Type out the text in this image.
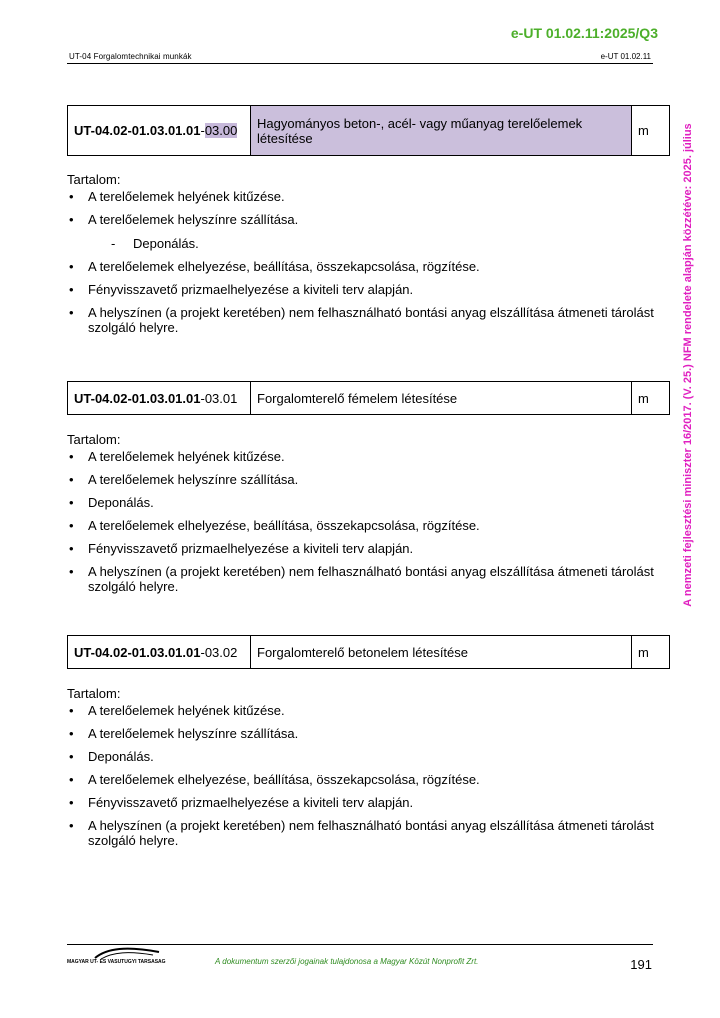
e-UT 01.02.11:2025/Q3
UT-04 Forgalomtechnikai munkák	e-UT 01.02.11
A nemzeti fejlesztési miniszter 16/2017. (V. 25.) NFM rendelete alapján közzétéve: 2025. július
UT-04.02-01.03.01.01 - 03.00	Hagyományos beton-, acél- vagy műanyag terelőelemek létesítése	m
Tartalom:
• A terelőelemek helyének kitűzése.
• A terelőelemek helyszínre szállítása.
- Deponálás.
• A terelőelemek elhelyezése, beállítása, összekapcsolása, rögzítése.
• Fényvisszavető prizmaelhelyezése a kiviteli terv alapján.
• A helyszínen (a projekt keretében) nem felhasználható bontási anyag elszállítása átmeneti tárolást szolgáló helyre.
UT-04.02-01.03.01.01 -03.01	Forgalomterelő fémelem létesítése	m
Tartalom:
• A terelőelemek helyének kitűzése.
• A terelőelemek helyszínre szállítása.
• Deponálás.
• A terelőelemek elhelyezése, beállítása, összekapcsolása, rögzítése.
• Fényvisszavető prizmaelhelyezése a kiviteli terv alapján.
• A helyszínen (a projekt keretében) nem felhasználható bontási anyag elszállítása átmeneti tárolást szolgáló helyre.
UT-04.02-01.03.01.01 -03.02	Forgalomterelő betonelem létesítése	m
Tartalom:
• A terelőelemek helyének kitűzése.
• A terelőelemek helyszínre szállítása.
• Deponálás.
• A terelőelemek elhelyezése, beállítása, összekapcsolása, rögzítése.
• Fényvisszavető prizmaelhelyezése a kiviteli terv alapján.
• A helyszínen (a projekt keretében) nem felhasználható bontási anyag elszállítása átmeneti tárolást szolgáló helyre.
MAGYAR UT- ES VASUTUGYI TARSASAG	A dokumentum szerzői jogainak tulajdonosa a Magyar Közút Nonprofit Zrt.	191
